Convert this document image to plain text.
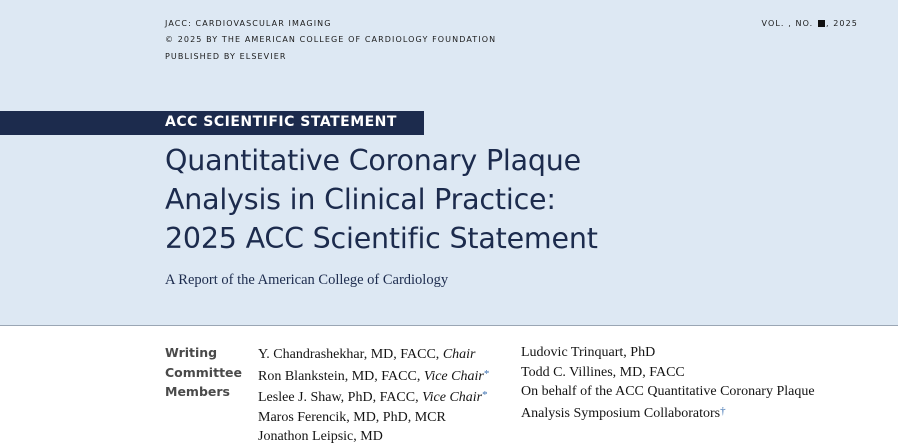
JACC: CARDIOVASCULAR IMAGING
© 2025 BY THE AMERICAN COLLEGE OF CARDIOLOGY FOUNDATION
PUBLISHED BY ELSEVIER
VOL. , NO. , 2025
ACC SCIENTIFIC STATEMENT
Quantitative Coronary Plaque
Analysis in Clinical Practice:
2025 ACC Scientific Statement
A Report of the American College of Cardiology
Writing
Committee
Members
Y. Chandrashekhar, MD, FACC, Chair
Ron Blankstein, MD, FACC, Vice Chair*
Leslee J. Shaw, PhD, FACC, Vice Chair*
Maros Ferencik, MD, PhD, MCR
Jonathon Leipsic, MD
Ludovic Trinquart, PhD
Todd C. Villines, MD, FACC
On behalf of the ACC Quantitative Coronary Plaque
Analysis Symposium Collaborators†
